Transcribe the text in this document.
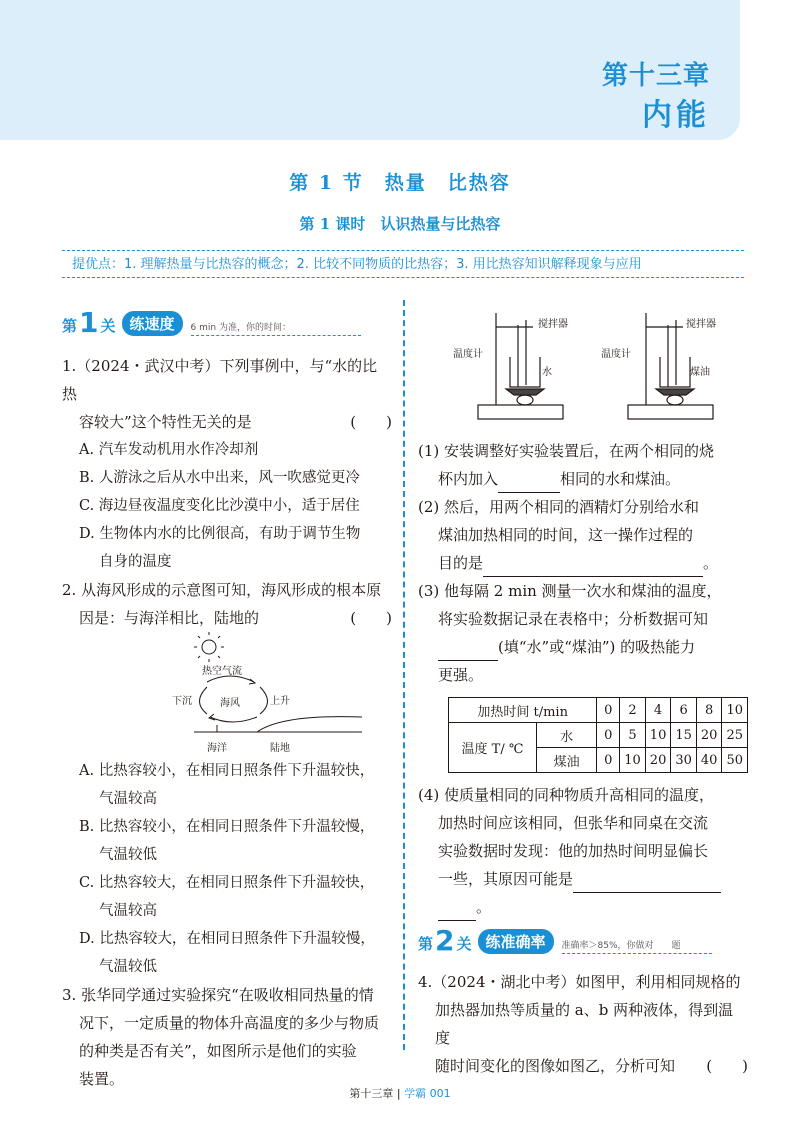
第十三章
内能
第 1 节　热量　比热容
第 1 课时　认识热量与比热容
提优点：1. 理解热量与比热容的概念；2. 比较不同物质的比热容；3. 用比热容知识解释现象与应用
第 1 关 练速度	6 min 为准，你的时间：
1.（2024・武汉中考）下列事例中，与“水的比热
容较大”这个特性无关的是	(　　)
A. 汽车发动机用水作冷却剂
B. 人游泳之后从水中出来，风一吹感觉更冷
C. 海边昼夜温度变化比沙漠中小，适于居住
D. 生物体内水的比例很高，有助于调节生物
自身的温度
2. 从海风形成的示意图可知，海风形成的根本原
因是：与海洋相比，陆地的	(　　)
热空气流
下沉	海风	上升
海洋	陆地
A. 比热容较小，在相同日照条件下升温较快，
气温较高
B. 比热容较小，在相同日照条件下升温较慢，
气温较低
C. 比热容较大，在相同日照条件下升温较快，
气温较高
D. 比热容较大，在相同日照条件下升温较慢，
气温较低
3. 张华同学通过实验探究“在吸收相同热量的情
况下，一定质量的物体升高温度的多少与物质
的种类是否有关”，如图所示是他们的实验
装置。
搅拌器
温度计
水
搅拌器
温度计
煤油
(1) 安装调整好实验装置后，在两个相同的烧
杯内加入	相同的水和煤油。
(2) 然后，用两个相同的酒精灯分别给水和
煤油加热相同的时间，这一操作过程的
目的是	。
(3) 他每隔 2 min 测量一次水和煤油的温度，
将实验数据记录在表格中；分析数据可知
(填“水”或“煤油”) 的吸热能力
更强。
加热时间 t/min		0	2	4	6	8	10
温度 T/ ℃	水	0	5	10	15	20	25
	煤油	0	10	20	30	40	50
(4) 使质量相同的同种物质升高相同的温度，
加热时间应该相同，但张华和同桌在交流
实验数据时发现：他的加热时间明显偏长
一些，其原因可能是
。
第 2 关 练准确率	准确率＞85%，你做对　　题
4.（2024・湖北中考）如图甲，利用相同规格的
加热器加热等质量的 a、b 两种液体，得到温度
随时间变化的图像如图乙，分析可知 (　　)
第十三章 | 学霸 001
